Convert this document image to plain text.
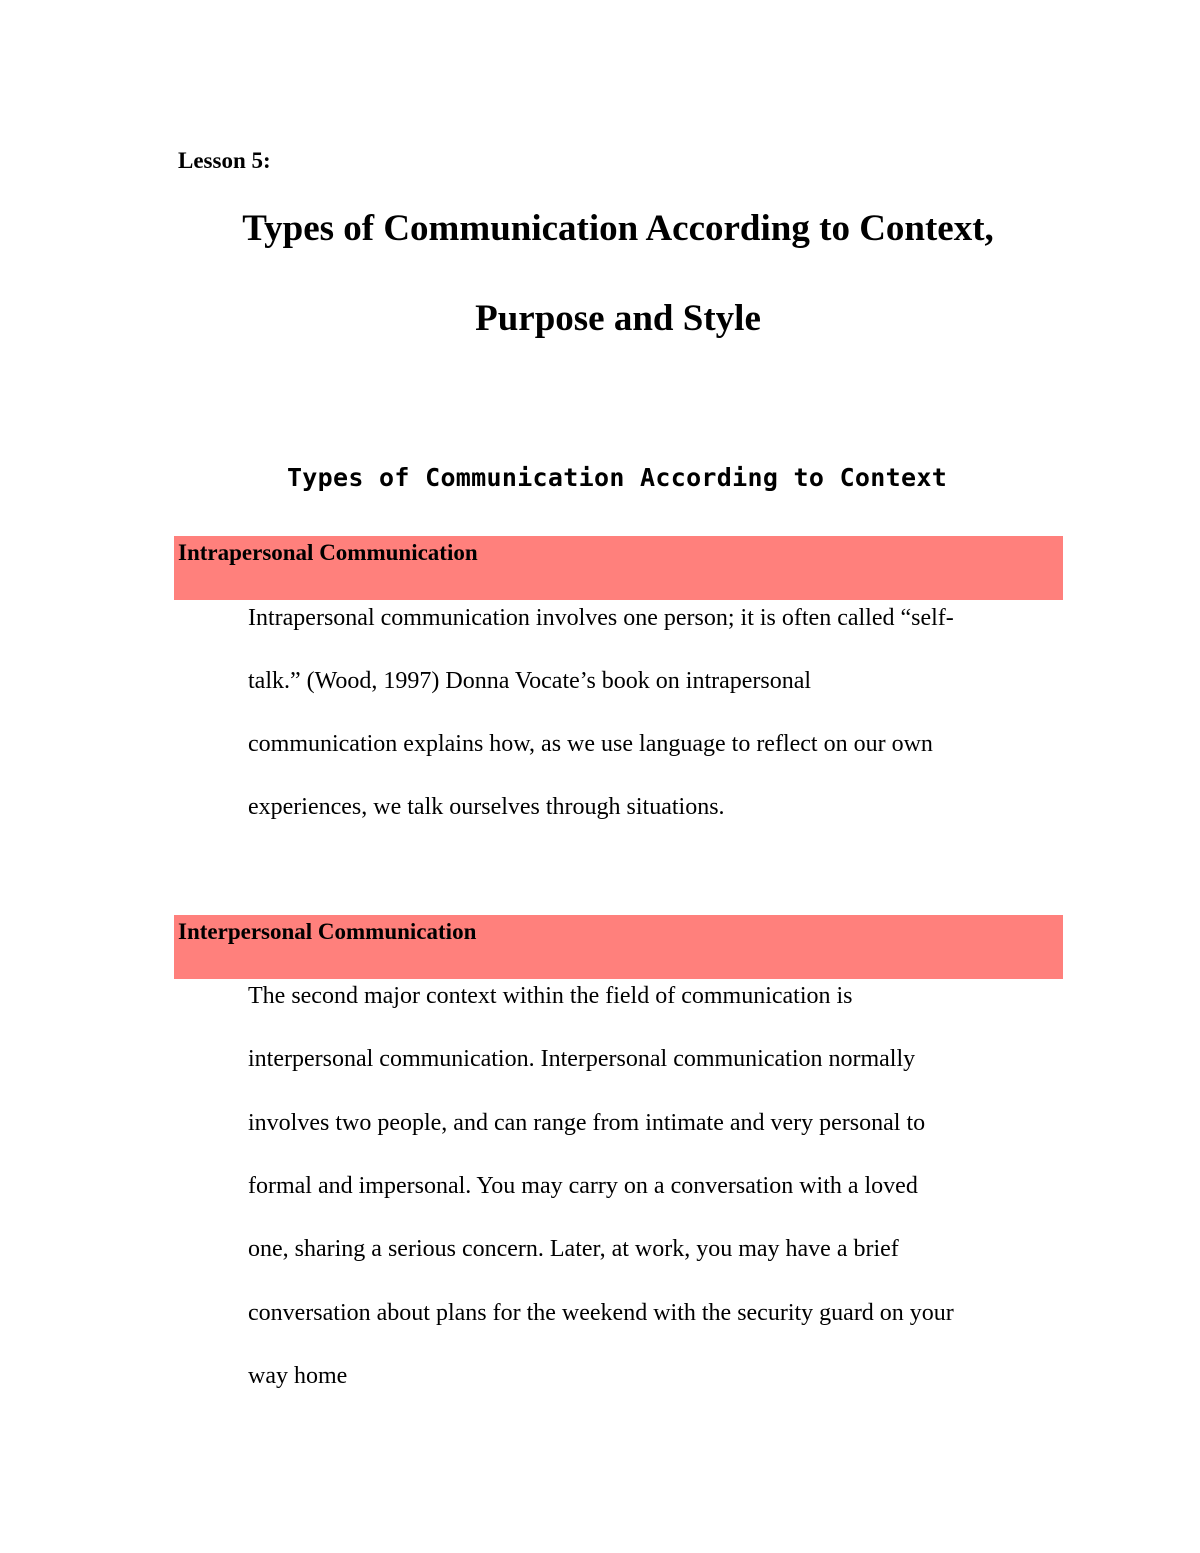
Lesson 5:
Types of Communication According to Context,
Purpose and Style
Types of Communication According to Context
Intrapersonal Communication
Intrapersonal communication involves one person; it is often called “self-
talk.” (Wood, 1997) Donna Vocate’s book on intrapersonal
communication explains how, as we use language to reflect on our own
experiences, we talk ourselves through situations.
Interpersonal Communication
The second major context within the field of communication is
interpersonal communication. Interpersonal communication normally
involves two people, and can range from intimate and very personal to
formal and impersonal. You may carry on a conversation with a loved
one, sharing a serious concern. Later, at work, you may have a brief
conversation about plans for the weekend with the security guard on your
way home
